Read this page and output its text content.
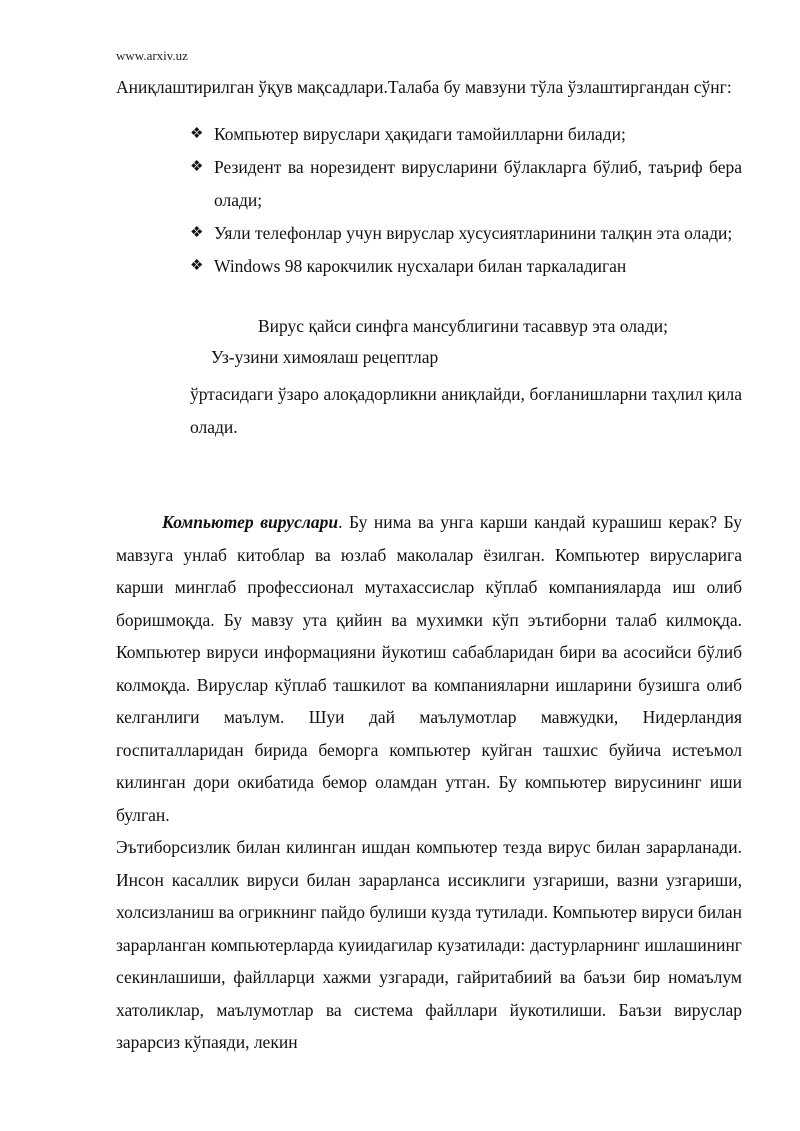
www.arxiv.uz
Аниқлаштирилган ўқув мақсадлари.Талаба бу мавзуни тўла ўзлаштиргандан сўнг:
❖ Компьютер вируслари ҳақидаги тамойилларни билади;
❖ Резидент ва норезидент вирусларини бўлакларга бўлиб, таъриф бера олади;
❖ Уяли телефонлар учун вируслар хусусиятларинини талқин эта олади;
❖ Windows 98 карокчилик нусхалари билан таркаладиган
Вирус қайси синфга мансублигини тасаввур эта олади;
Уз-узини химоялаш рецептлар
ўртасидаги ўзаро алоқадорликни аниқлайди, боғланишларни таҳлил қила олади.

Компьютер вируслари. Бу нима ва унга карши кандай курашиш керак? Бу мавзуга унлаб китоблар ва юзлаб маколалар ёзилган. Компьютер вирусларига карши минглаб профессионал мутахассислар кўплаб компанияларда иш олиб боришмоқда. Бу мавзу ута қийин ва мухимки кўп эътиборни талаб килмоқда. Компьютер вируси информацияни йукотиш сабабларидан бири ва асосийси бўлиб колмоқда. Вируслар кўплаб ташкилот ва компанияларни ишларини бузишга олиб келганлиги маълум. Шуи дай маълумотлар мавжудки, Нидерландия госпиталларидан бирида беморга компьютер куйган ташхис буйича истеъмол килинган дори окибатида бемор оламдан утган. Бу компьютер вирусининг иши булган.

Эътиборсизлик билан килинган ишдан компьютер тезда вирус билан зарарланади. Инсон касаллик вируси билан зарарланса иссиклиги узгариши, вазни узгариши, холсизланиш ва огрикнинг пайдо булиши кузда тутилади. Компьютер вируси билан зарарланган компьютерларда куиидагилар кузатилади: дастурларнинг ишлашининг секинлашиши, файлларци хажми узгаради, гайритабиий ва баъзи бир номаълум хатоликлар, маълумотлар ва система файллари йукотилиши. Баъзи вируслар зарарсиз кўпаяди, лекин
